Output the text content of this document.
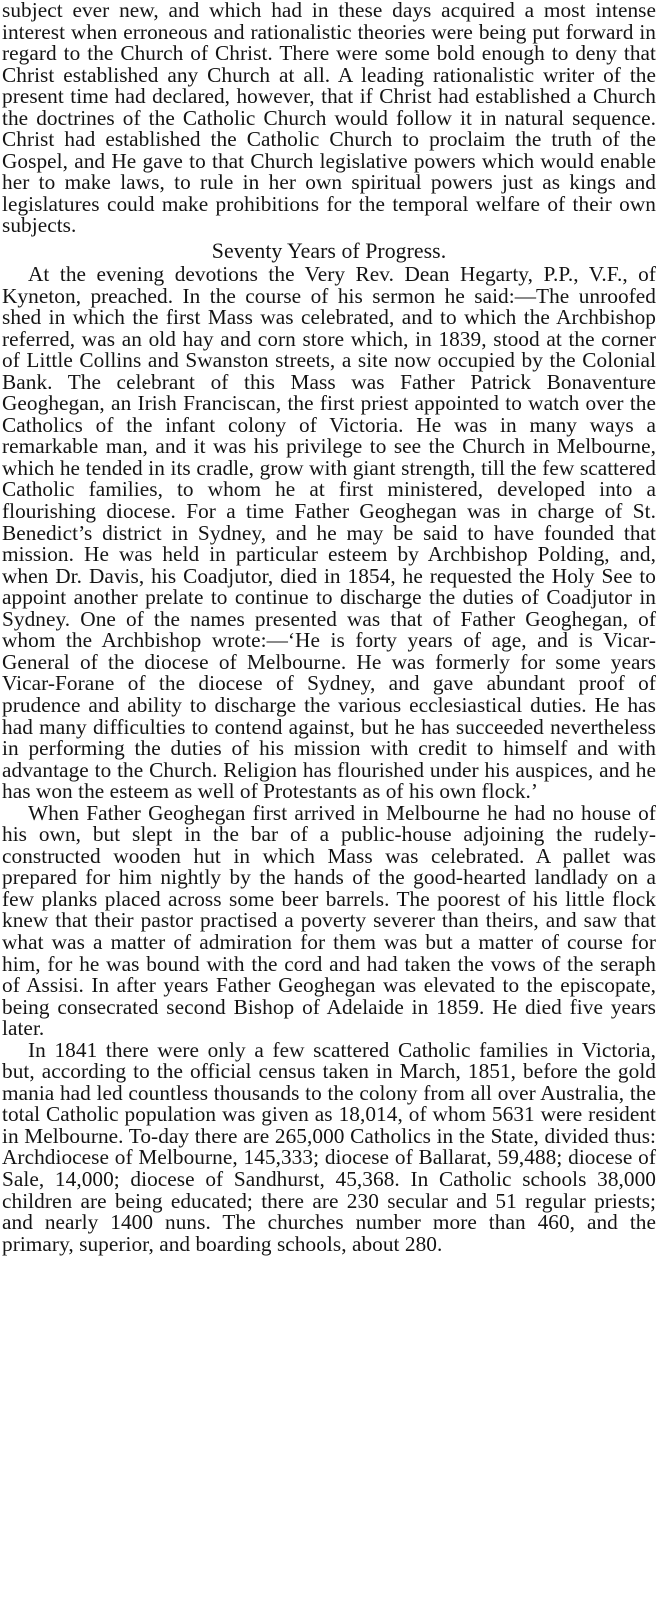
subject ever new, and which had in these days acquired a most intense interest when erroneous and rationalistic theories were being put forward in regard to the Church of Christ. There were some bold enough to deny that Christ established any Church at all. A leading rationalistic writer of the present time had declared, however, that if Christ had established a Church the doctrines of the Catholic Church would follow it in natural sequence. Christ had established the Catholic Church to proclaim the truth of the Gospel, and He gave to that Church legislative powers which would enable her to make laws, to rule in her own spiritual powers just as kings and legislatures could make prohibitions for the temporal welfare of their own subjects.

Seventy Years of Progress.

At the evening devotions the Very Rev. Dean Hegarty, P.P., V.F., of Kyneton, preached. In the course of his sermon he said:—The unroofed shed in which the first Mass was celebrated, and to which the Archbishop referred, was an old hay and corn store which, in 1839, stood at the corner of Little Collins and Swanston streets, a site now occupied by the Colonial Bank. The celebrant of this Mass was Father Patrick Bonaventure Geoghegan, an Irish Franciscan, the first priest appointed to watch over the Catholics of the infant colony of Victoria. He was in many ways a remarkable man, and it was his privilege to see the Church in Melbourne, which he tended in its cradle, grow with giant strength, till the few scattered Catholic families, to whom he at first ministered, developed into a flourishing diocese. For a time Father Geoghegan was in charge of St. Benedict’s district in Sydney, and he may be said to have founded that mission. He was held in particular esteem by Archbishop Polding, and, when Dr. Davis, his Coadjutor, died in 1854, he requested the Holy See to appoint another prelate to continue to discharge the duties of Coadjutor in Sydney. One of the names presented was that of Father Geoghegan, of whom the Archbishop wrote:—‘He is forty years of age, and is Vicar-General of the diocese of Melbourne. He was formerly for some years Vicar-Forane of the diocese of Sydney, and gave abundant proof of prudence and ability to discharge the various ecclesiastical duties. He has had many difficulties to contend against, but he has succeeded nevertheless in performing the duties of his mission with credit to himself and with advantage to the Church. Religion has flourished under his auspices, and he has won the esteem as well of Protestants as of his own flock.’

When Father Geoghegan first arrived in Melbourne he had no house of his own, but slept in the bar of a public-house adjoining the rudely-constructed wooden hut in which Mass was celebrated. A pallet was prepared for him nightly by the hands of the good-hearted landlady on a few planks placed across some beer barrels. The poorest of his little flock knew that their pastor practised a poverty severer than theirs, and saw that what was a matter of admiration for them was but a matter of course for him, for he was bound with the cord and had taken the vows of the seraph of Assisi. In after years Father Geoghegan was elevated to the episcopate, being consecrated second Bishop of Adelaide in 1859. He died five years later.

In 1841 there were only a few scattered Catholic families in Victoria, but, according to the official census taken in March, 1851, before the gold mania had led countless thousands to the colony from all over Australia, the total Catholic population was given as 18,014, of whom 5631 were resident in Melbourne. To-day there are 265,000 Catholics in the State, divided thus: Archdiocese of Melbourne, 145,333; diocese of Ballarat, 59,488; diocese of Sale, 14,000; diocese of Sandhurst, 45,368. In Catholic schools 38,000 children are being educated; there are 230 secular and 51 regular priests; and nearly 1400 nuns. The churches number more than 460, and the primary, superior, and boarding schools, about 280.
